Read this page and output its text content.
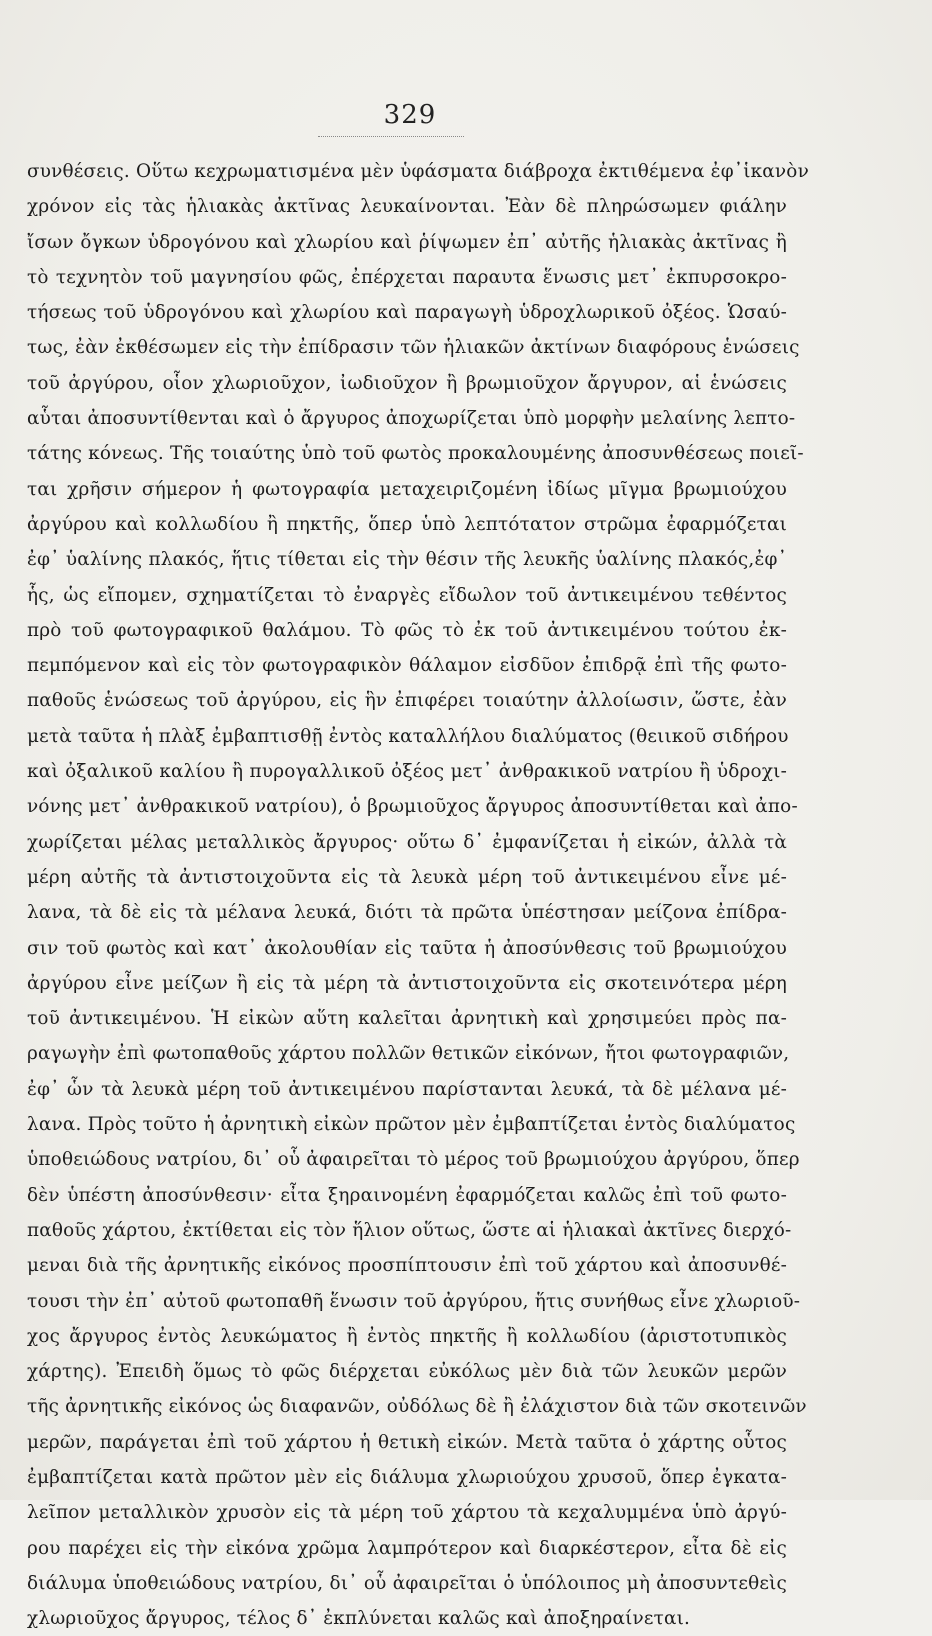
329
συνθέσεις. Οὕτω κεχρωματισμένα μὲν ὑφάσματα διάβροχα ἐκτιθέμενα ἐφ᾽ἱκανὸν
χρόνον εἰς τὰς ἡλιακὰς ἀκτῖνας λευκαίνονται. Ἐὰν δὲ πληρώσωμεν φιάλην
ἴσων ὄγκων ὑδρογόνου καὶ χλωρίου καὶ ῥίψωμεν ἐπ᾽ αὐτῆς ἡλιακὰς ἀκτῖνας ἢ
τὸ τεχνητὸν τοῦ μαγνησίου φῶς, ἐπέρχεται παραυτα ἕνωσις μετ᾽ ἐκπυρσοκρο-
τήσεως τοῦ ὑδρογόνου καὶ χλωρίου καὶ παραγωγὴ ὑδροχλωρικοῦ ὀξέος. Ὡσαύ-
τως, ἐὰν ἐκθέσωμεν εἰς τὴν ἐπίδρασιν τῶν ἡλιακῶν ἀκτίνων διαφόρους ἑνώσεις
τοῦ ἀργύρου, οἷον χλωριοῦχον, ἰωδιοῦχον ἢ βρωμιοῦχον ἄργυρον, αἱ ἑνώσεις
αὗται ἀποσυντίθενται καὶ ὁ ἄργυρος ἀποχωρίζεται ὑπὸ μορφὴν μελαίνης λεπτο-
τάτης κόνεως. Τῆς τοιαύτης ὑπὸ τοῦ φωτὸς προκαλουμένης ἀποσυνθέσεως ποιεῖ-
ται χρῆσιν σήμερον ἡ φωτογραφία μεταχειριζομένη ἰδίως μῖγμα βρωμιούχου
ἀργύρου καὶ κολλωδίου ἢ πηκτῆς, ὅπερ ὑπὸ λεπτότατον στρῶμα ἐφαρμόζεται
ἐφ᾽ ὑαλίνης πλακός, ἥτις τίθεται εἰς τὴν θέσιν τῆς λευκῆς ὑαλίνης πλακός,ἐφ᾽
ἧς, ὡς εἴπομεν, σχηματίζεται τὸ ἐναργὲς εἴδωλον τοῦ ἀντικειμένου τεθέντος
πρὸ τοῦ φωτογραφικοῦ θαλάμου. Τὸ φῶς τὸ ἐκ τοῦ ἀντικειμένου τούτου ἐκ-
πεμπόμενον καὶ εἰς τὸν φωτογραφικὸν θάλαμον εἰσδῦον ἐπιδρᾷ ἐπὶ τῆς φωτο-
παθοῦς ἑνώσεως τοῦ ἀργύρου, εἰς ἣν ἐπιφέρει τοιαύτην ἀλλοίωσιν, ὥστε, ἐὰν
μετὰ ταῦτα ἡ πλὰξ ἐμβαπτισθῇ ἐντὸς καταλλήλου διαλύματος (θειικοῦ σιδήρου
καὶ ὀξαλικοῦ καλίου ἢ πυρογαλλικοῦ ὀξέος μετ᾽ ἀνθρακικοῦ νατρίου ἢ ὑδροχι-
νόνης μετ᾽ ἀνθρακικοῦ νατρίου), ὁ βρωμιοῦχος ἄργυρος ἀποσυντίθεται καὶ ἀπο-
χωρίζεται μέλας μεταλλικὸς ἄργυρος· οὕτω δ᾽ ἐμφανίζεται ἡ εἰκών, ἀλλὰ τὰ
μέρη αὐτῆς τὰ ἀντιστοιχοῦντα εἰς τὰ λευκὰ μέρη τοῦ ἀντικειμένου εἶνε μέ-
λανα, τὰ δὲ εἰς τὰ μέλανα λευκά, διότι τὰ πρῶτα ὑπέστησαν μείζονα ἐπίδρα-
σιν τοῦ φωτὸς καὶ κατ᾽ ἀκολουθίαν εἰς ταῦτα ἡ ἀποσύνθεσις τοῦ βρωμιούχου
ἀργύρου εἶνε μείζων ἢ εἰς τὰ μέρη τὰ ἀντιστοιχοῦντα εἰς σκοτεινότερα μέρη
τοῦ ἀντικειμένου. Ἡ εἰκὼν αὕτη καλεῖται ἀρνητικὴ καὶ χρησιμεύει πρὸς πα-
ραγωγὴν ἐπὶ φωτοπαθοῦς χάρτου πολλῶν θετικῶν εἰκόνων, ἤτοι φωτογραφιῶν,
ἐφ᾽ ὧν τὰ λευκὰ μέρη τοῦ ἀντικειμένου παρίστανται λευκά, τὰ δὲ μέλανα μέ-
λανα. Πρὸς τοῦτο ἡ ἀρνητικὴ εἰκὼν πρῶτον μὲν ἐμβαπτίζεται ἐντὸς διαλύματος
ὑποθειώδους νατρίου, δι᾽ οὗ ἀφαιρεῖται τὸ μέρος τοῦ βρωμιούχου ἀργύρου, ὅπερ
δὲν ὑπέστη ἀποσύνθεσιν· εἶτα ξηραινομένη ἐφαρμόζεται καλῶς ἐπὶ τοῦ φωτο-
παθοῦς χάρτου, ἐκτίθεται εἰς τὸν ἥλιον οὕτως, ὥστε αἱ ἡλιακαὶ ἀκτῖνες διερχό-
μεναι διὰ τῆς ἀρνητικῆς εἰκόνος προσπίπτουσιν ἐπὶ τοῦ χάρτου καὶ ἀποσυνθέ-
τουσι τὴν ἐπ᾽ αὐτοῦ φωτοπαθῆ ἕνωσιν τοῦ ἀργύρου, ἥτις συνήθως εἶνε χλωριοῦ-
χος ἄργυρος ἐντὸς λευκώματος ἢ ἐντὸς πηκτῆς ἢ κολλωδίου (ἀριστοτυπικὸς
χάρτης). Ἐπειδὴ ὅμως τὸ φῶς διέρχεται εὐκόλως μὲν διὰ τῶν λευκῶν μερῶν
τῆς ἀρνητικῆς εἰκόνος ὡς διαφανῶν, οὐδόλως δὲ ἢ ἐλάχιστον διὰ τῶν σκοτεινῶν
μερῶν, παράγεται ἐπὶ τοῦ χάρτου ἡ θετικὴ εἰκών. Μετὰ ταῦτα ὁ χάρτης οὗτος
ἐμβαπτίζεται κατὰ πρῶτον μὲν εἰς διάλυμα χλωριούχου χρυσοῦ, ὅπερ ἐγκατα-
λεῖπον μεταλλικὸν χρυσὸν εἰς τὰ μέρη τοῦ χάρτου τὰ κεχαλυμμένα ὑπὸ ἀργύ-
ρου παρέχει εἰς τὴν εἰκόνα χρῶμα λαμπρότερον καὶ διαρκέστερον, εἶτα δὲ εἰς
διάλυμα ὑποθειώδους νατρίου, δι᾽ οὗ ἀφαιρεῖται ὁ ὑπόλοιπος μὴ ἀποσυντεθεὶς
χλωριοῦχος ἄργυρος, τέλος δ᾽ ἐκπλύνεται καλῶς καὶ ἀποξηραίνεται.
